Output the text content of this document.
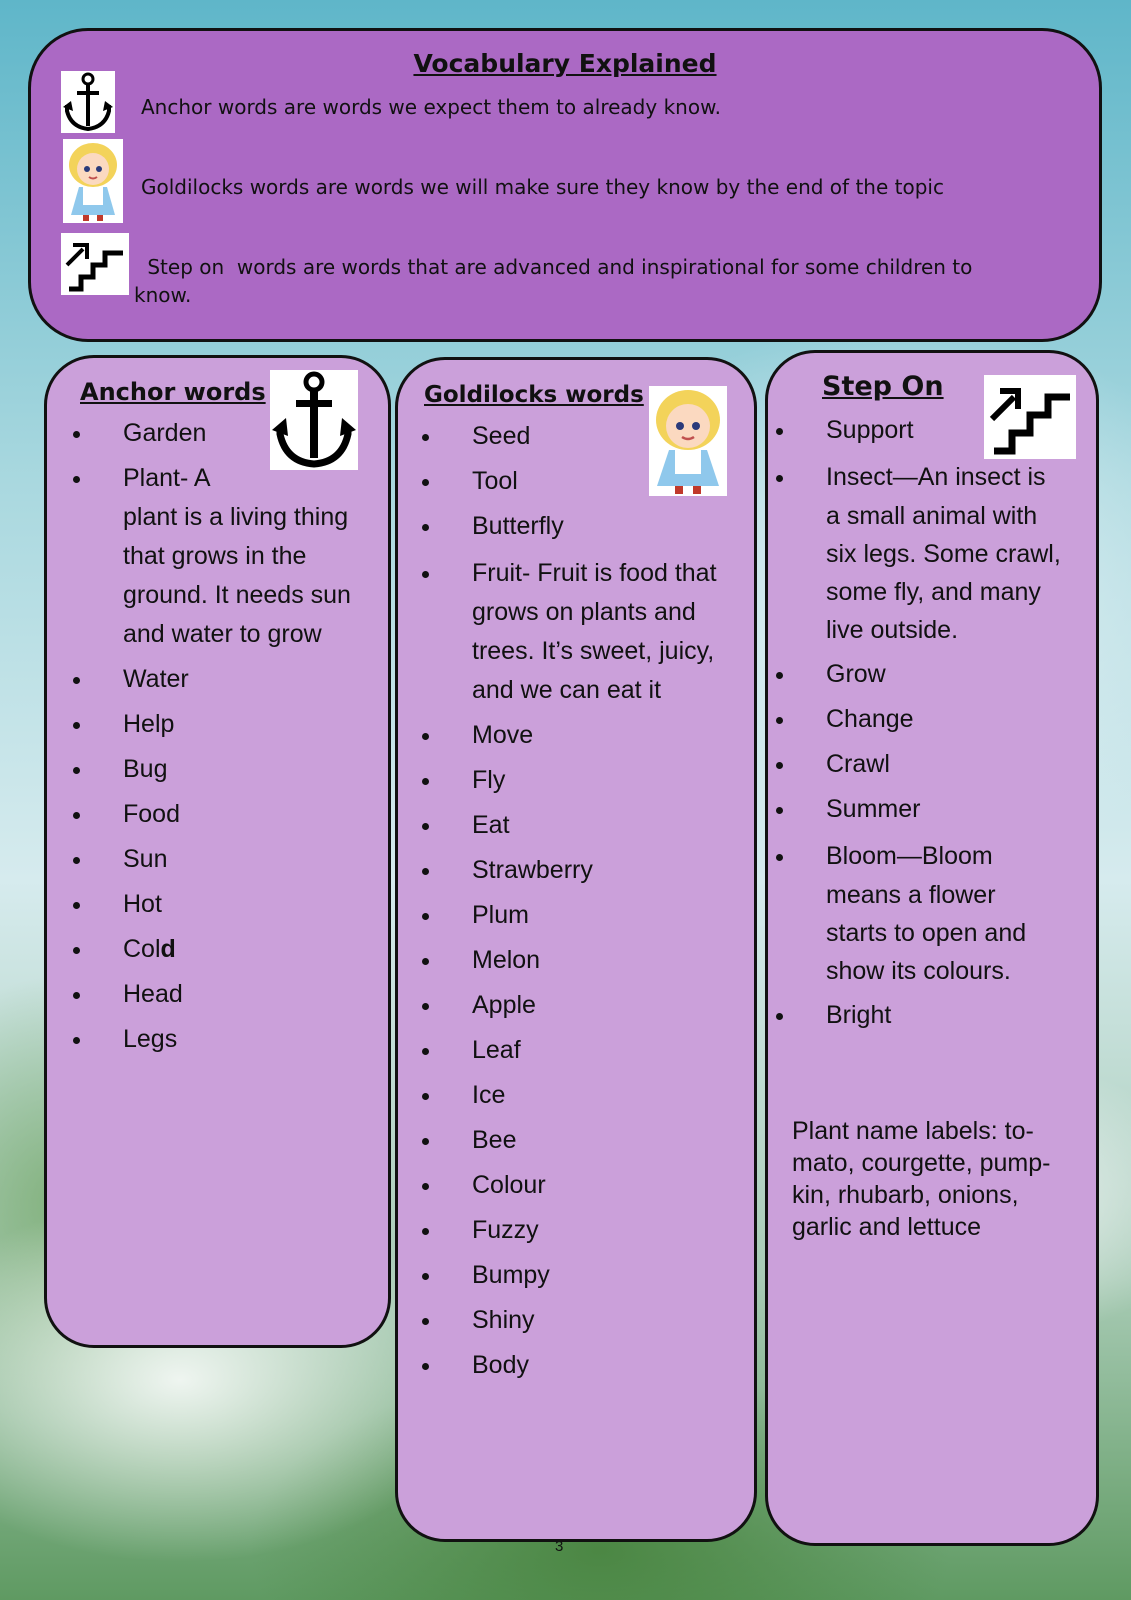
Vocabulary Explained
Anchor words are words we expect them to already know.
Goldilocks words are words we will make sure they know by the end of the topic
Step on  words are words that are advanced and inspirational for some children to
know.
Anchor words
Garden
Plant- A
plant is a living thing
that grows in the
ground. It needs sun
and water to grow
Water
Help
Bug
Food
Sun
Hot
Cold
Head
Legs
Goldilocks words
Seed
Tool
Butterfly
Fruit- Fruit is food that
grows on plants and
trees. It’s sweet, juicy,
and we can eat it
Move
Fly
Eat
Strawberry
Plum
Melon
Apple
Leaf
Ice
Bee
Colour
Fuzzy
Bumpy
Shiny
Body
Step On
Support
Insect—An insect is
a small animal with
six legs. Some crawl,
some fly, and many
live outside.
Grow
Change
Crawl
Summer
Bloom—Bloom
means a flower
starts to open and
show its colours.
Bright
Plant name labels: to-
mato, courgette, pump-
kin, rhubarb, onions,
garlic and lettuce
3
